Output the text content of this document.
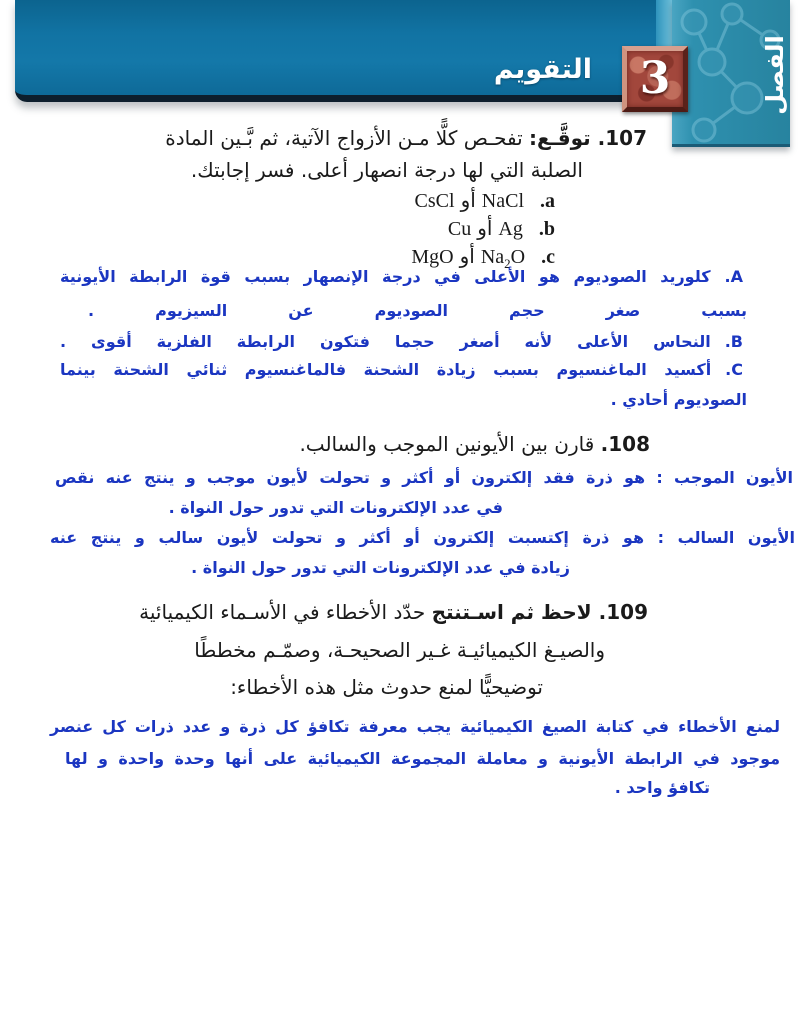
الفصل
التقويم 3
107. توقَّـع: تفحـص كلًّا مـن الأزواج الآتية، ثم بَّـين المادة
الصلبة التي لها درجة انصهار أعلى. فسر إجابتك.
CsCl أو NaCl .a
Cu أو Ag .b
MgO أو $Na_2O$ .c
.A
كلوريد الصوديوم هو الأعلى في درجة الإنصهار بسبب قوة الرابطة الأيونية
بسبب صغر حجم الصوديوم عن السيزيوم .
.B
النحاس الأعلى لأنه أصغر حجما فتكون الرابطة الفلزية أقوى .
.C
أكسيد الماغنسيوم بسبب زيادة الشحنة فالماغنسيوم ثنائي الشحنة بينما
الصوديوم أحادي .
108. قارن بين الأيونين الموجب والسالب.
الأيون الموجب : هو ذرة فقد إلكترون أو أكثر و تحولت لأيون موجب و ينتج عنه نقص
في عدد الإلكترونات التي تدور حول النواة .
الأيون السالب : هو ذرة إكتسبت إلكترون أو أكثر و تحولت لأيون سالب و ينتج عنه
زيادة في عدد الإلكترونات التي تدور حول النواة .
109. لاحظ ثم اسـتنتج حدّد الأخطاء في الأسـماء الكيميائية
والصيـغ الكيميائيـة غـير الصحيحـة، وصمّـم مخططًا
توضيحيًّا لمنع حدوث مثل هذه الأخطاء:
لمنع الأخطاء في كتابة الصيغ الكيميائية يجب معرفة تكافؤ كل ذرة و عدد ذرات كل عنصر
موجود في الرابطة الأيونية و معاملة المجموعة الكيميائية على أنها وحدة واحدة و لها
تكافؤ واحد .
